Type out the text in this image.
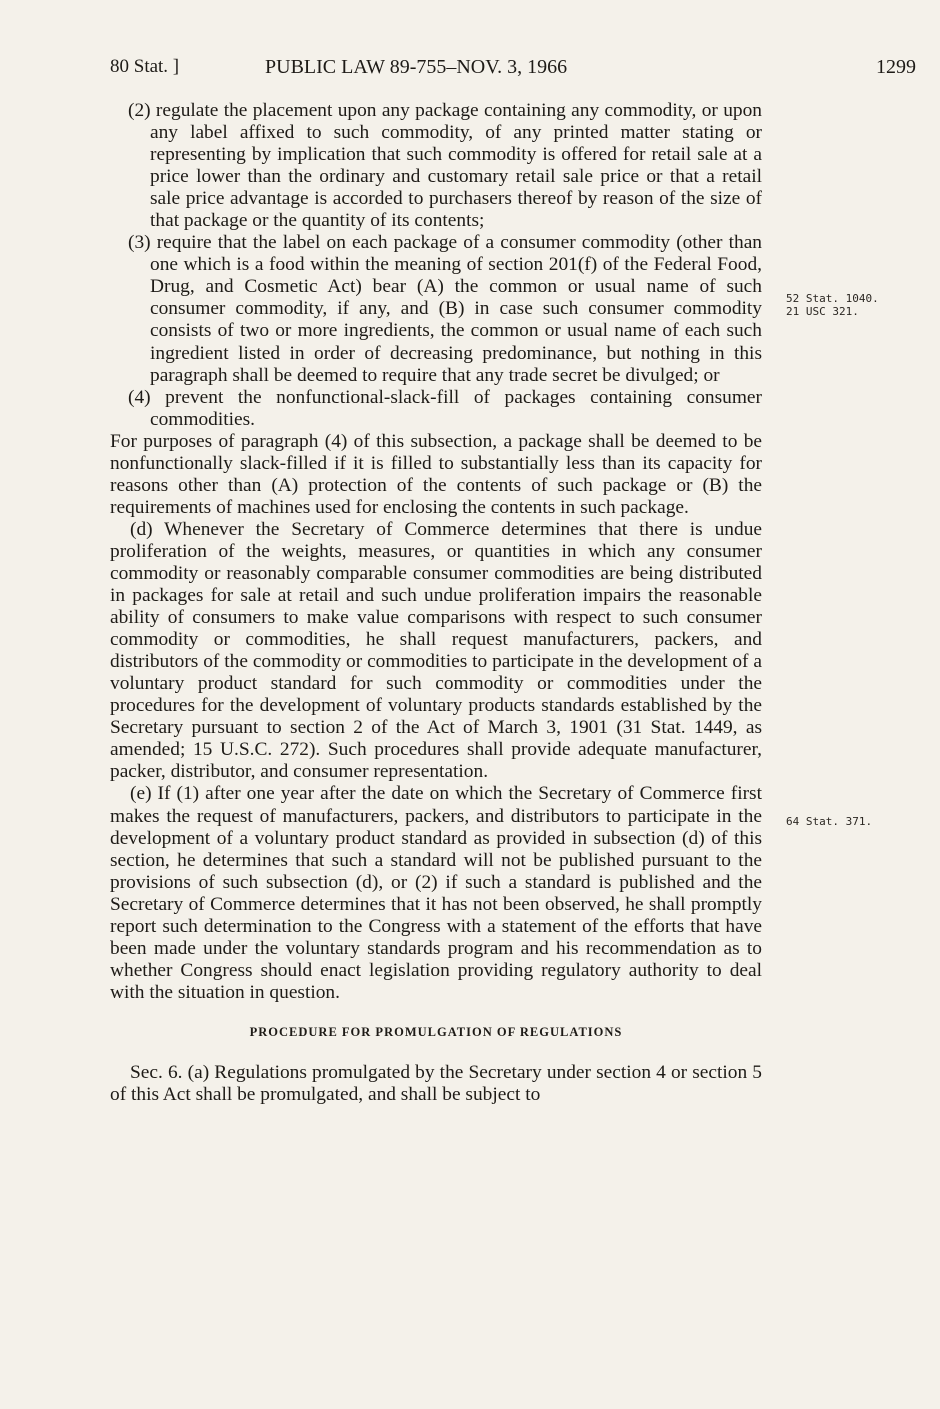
80 Stat. ]	PUBLIC LAW 89-755–NOV. 3, 1966	1299

(2) regulate the placement upon any package containing any commodity, or upon any label affixed to such commodity, of any printed matter stating or representing by implication that such commodity is offered for retail sale at a price lower than the ordinary and customary retail sale price or that a retail sale price advantage is accorded to purchasers thereof by reason of the size of that package or the quantity of its contents;

(3) require that the label on each package of a consumer commodity (other than one which is a food within the meaning of section 201(f) of the Federal Food, Drug, and Cosmetic Act) bear (A) the common or usual name of such consumer commodity, if any, and (B) in case such consumer commodity consists of two or more ingredients, the common or usual name of each such ingredient listed in order of decreasing predominance, but nothing in this paragraph shall be deemed to require that any trade secret be divulged; or

(4) prevent the nonfunctional-slack-fill of packages containing consumer commodities.

For purposes of paragraph (4) of this subsection, a package shall be deemed to be nonfunctionally slack-filled if it is filled to substantially less than its capacity for reasons other than (A) protection of the contents of such package or (B) the requirements of machines used for enclosing the contents in such package.

(d) Whenever the Secretary of Commerce determines that there is undue proliferation of the weights, measures, or quantities in which any consumer commodity or reasonably comparable consumer commodities are being distributed in packages for sale at retail and such undue proliferation impairs the reasonable ability of consumers to make value comparisons with respect to such consumer commodity or commodities, he shall request manufacturers, packers, and distributors of the commodity or commodities to participate in the development of a voluntary product standard for such commodity or commodities under the procedures for the development of voluntary products standards established by the Secretary pursuant to section 2 of the Act of March 3, 1901 (31 Stat. 1449, as amended; 15 U.S.C. 272). Such procedures shall provide adequate manufacturer, packer, distributor, and consumer representation.

(e) If (1) after one year after the date on which the Secretary of Commerce first makes the request of manufacturers, packers, and distributors to participate in the development of a voluntary product standard as provided in subsection (d) of this section, he determines that such a standard will not be published pursuant to the provisions of such subsection (d), or (2) if such a standard is published and the Secretary of Commerce determines that it has not been observed, he shall promptly report such determination to the Congress with a statement of the efforts that have been made under the voluntary standards program and his recommendation as to whether Congress should enact legislation providing regulatory authority to deal with the situation in question.

PROCEDURE FOR PROMULGATION OF REGULATIONS

Sec. 6. (a) Regulations promulgated by the Secretary under section 4 or section 5 of this Act shall be promulgated, and shall be subject to

52 Stat. 1040.
21 USC 321.
64 Stat. 371.
